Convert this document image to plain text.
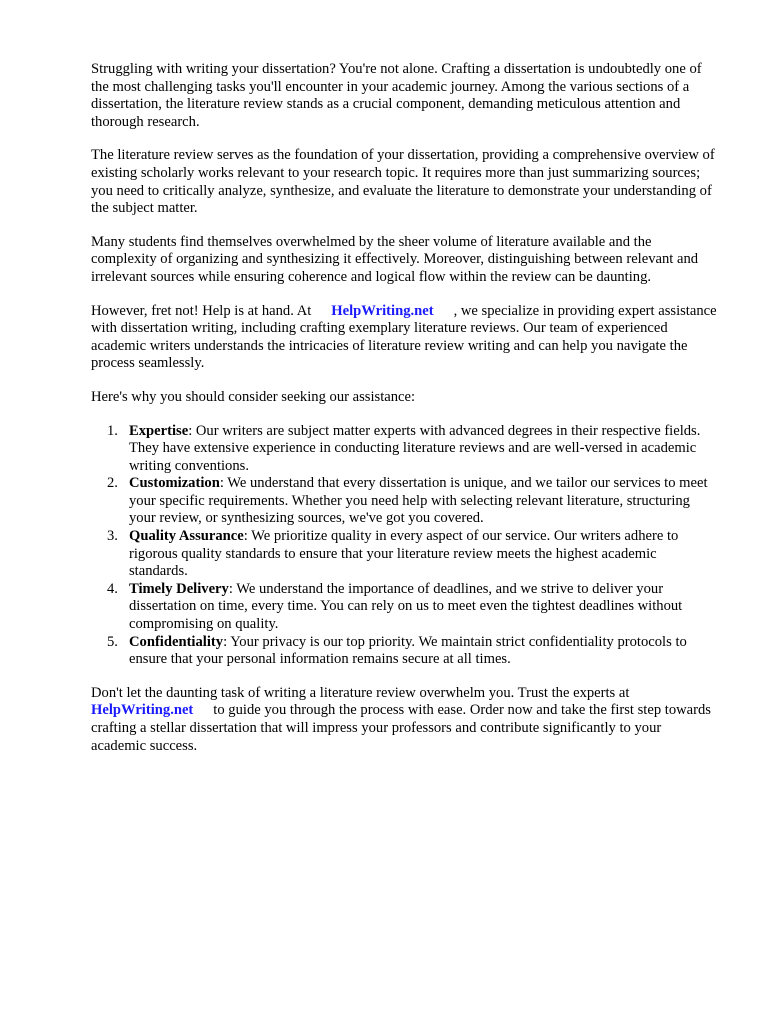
Struggling with writing your dissertation? You're not alone. Crafting a dissertation is undoubtedly one of the most challenging tasks you'll encounter in your academic journey. Among the various sections of a dissertation, the literature review stands as a crucial component, demanding meticulous attention and thorough research.

The literature review serves as the foundation of your dissertation, providing a comprehensive overview of existing scholarly works relevant to your research topic. It requires more than just summarizing sources; you need to critically analyze, synthesize, and evaluate the literature to demonstrate your understanding of the subject matter.

Many students find themselves overwhelmed by the sheer volume of literature available and the complexity of organizing and synthesizing it effectively. Moreover, distinguishing between relevant and irrelevant sources while ensuring coherence and logical flow within the review can be daunting.

However, fret not! Help is at hand. At HelpWriting.net , we specialize in providing expert assistance with dissertation writing, including crafting exemplary literature reviews. Our team of experienced academic writers understands the intricacies of literature review writing and can help you navigate the process seamlessly.

Here's why you should consider seeking our assistance:

1. Expertise: Our writers are subject matter experts with advanced degrees in their respective fields. They have extensive experience in conducting literature reviews and are well-versed in academic writing conventions.
2. Customization: We understand that every dissertation is unique, and we tailor our services to meet your specific requirements. Whether you need help with selecting relevant literature, structuring your review, or synthesizing sources, we've got you covered.
3. Quality Assurance: We prioritize quality in every aspect of our service. Our writers adhere to rigorous quality standards to ensure that your literature review meets the highest academic standards.
4. Timely Delivery: We understand the importance of deadlines, and we strive to deliver your dissertation on time, every time. You can rely on us to meet even the tightest deadlines without compromising on quality.
5. Confidentiality: Your privacy is our top priority. We maintain strict confidentiality protocols to ensure that your personal information remains secure at all times.

Don't let the daunting task of writing a literature review overwhelm you. Trust the experts at
HelpWriting.net to guide you through the process with ease. Order now and take the first step towards crafting a stellar dissertation that will impress your professors and contribute significantly to your academic success.
